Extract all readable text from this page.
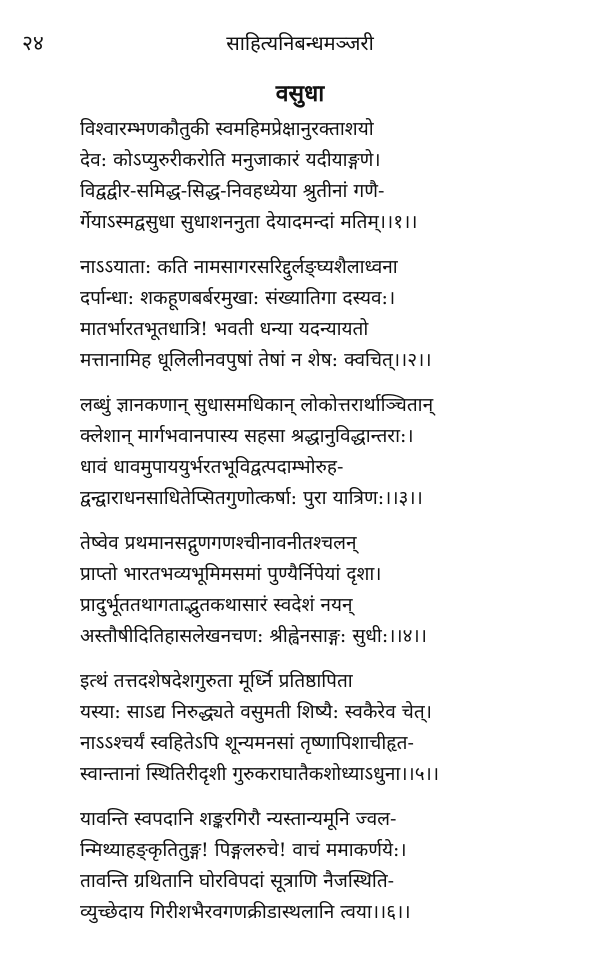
२४	साहित्यनिबन्धमञ्जरी
वसुधा
विश्वारम्भणकौतुकी स्वमहिमप्रेक्षानुरक्ताशयो
देव: कोऽप्युरुरीकरोति मनुजाकारं यदीयाङ्गणे।
विद्वद्वीर-समिद्ध-सिद्ध-निवहध्येया श्रुतीनां गणै-
र्गेयाऽस्मद्वसुधा सुधाशननुता देयादमन्दां मतिम्।।१।।
नाऽऽयाता: कति नामसागरसरिद्दुर्लङ्घ्यशैलाध्वना
दर्पान्धा: शकहूणबर्बरमुखा: संख्यातिगा दस्यव:।
मातर्भारतभूतधात्रि! भवती धन्या यदन्यायतो
मत्तानामिह धूलिलीनवपुषां तेषां न शेष: क्वचित्।।२।।
लब्धुं ज्ञानकणान् सुधासमधिकान् लोकोत्तरार्थाञ्चितान्
क्लेशान् मार्गभवानपास्य सहसा श्रद्धानुविद्धान्तरा:।
धावं धावमुपाययुर्भरतभूविद्वत्पदाम्भोरुह-
द्वन्द्वाराधनसाधितेप्सितगुणोत्कर्षा: पुरा यात्रिण:।।३।।
तेष्वेव प्रथमानसद्गुणगणश्चीनावनीतश्चलन्
प्राप्तो भारतभव्यभूमिमसमां पुण्यैर्निपेयां दृशा।
प्रादुर्भूततथागताद्भुतकथासारं स्वदेशं नयन्
अस्तौषीदितिहासलेखनचण: श्रीह्वेनसाङ्ग: सुधी:।।४।।
इत्थं तत्तदशेषदेशगुरुता मूर्ध्नि प्रतिष्ठापिता
यस्या: साऽद्य निरुद्ध्यते वसुमती शिष्यै: स्वकैरेव चेत्।
नाऽऽश्चर्यं स्वहितेऽपि शून्यमनसां तृष्णापिशाचीहृत-
स्वान्तानां स्थितिरीदृशी गुरुकराघातैकशोध्याऽधुना।।५।।
यावन्ति स्वपदानि शङ्करगिरौ न्यस्तान्यमूनि ज्वल-
न्मिथ्याहङ्कृतितुङ्ग! पिङ्गलरुचे! वाचं ममाकर्णये:।
तावन्ति ग्रथितानि घोरविपदां सूत्राणि नैजस्थिति-
व्युच्छेदाय गिरीशभैरवगणक्रीडास्थलानि त्वया।।६।।
